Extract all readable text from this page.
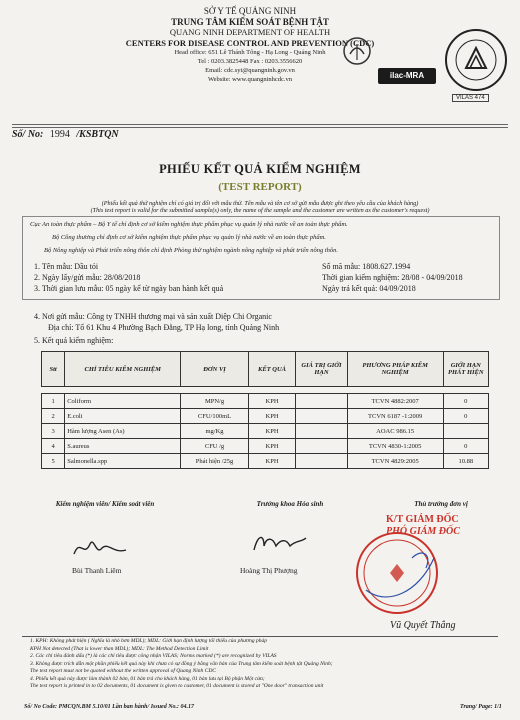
SỞ Y TẾ QUẢNG NINH
TRUNG TÂM KIỂM SOÁT BỆNH TẬT
QUANG NINH DEPARTMENT OF HEALTH
CENTERS FOR DISEASE CONTROL AND PREVENTION (CDC)
Head office: 651 Lê Thánh Tông - Hạ Long - Quảng Ninh
Tel : 0203.3825448 Fax : 0203.3556620
Email: cdc.syt@quangninh.gov.vn
Website: www.quangninhcdc.vn	ilac-MRA
VILAS 474
Số/ No: 1994 /KSBTQN
PHIẾU KẾT QUẢ KIỂM NGHIỆM
(TEST REPORT)
(Phiếu kết quả thử nghiệm chỉ có giá trị đối với mẫu thử. Tên mẫu và tên cơ sở gửi mẫu được ghi theo yêu cầu của khách hàng)
(This test report is valid for the submitted sample(s) only, the name of the sample and the customer are written as the customer's request)
Cục An toàn thực phẩm – Bộ Y tế chỉ định cơ sở kiểm nghiệm thực phẩm phục vụ quản lý nhà nước về an toàn thực phẩm.
Bộ Công thương chỉ định cơ sở kiểm nghiệm thực phẩm phục vụ quản lý nhà nước về an toàn thực phẩm.
Bộ Nông nghiệp và Phát triển nông thôn chỉ định Phòng thử nghiệm ngành nông nghiệp và phát triển nông thôn.
1. Tên mẫu: Dầu tỏi
2. Ngày lấy/gửi mẫu: 28/08/2018
3. Thời gian lưu mẫu: 05 ngày kể từ ngày ban hành kết quả
Số mã mẫu: 1808.627.1994
Thời gian kiểm nghiệm: 28/08 - 04/09/2018
Ngày trả kết quả: 04/09/2018
4. Nơi gửi mẫu: Công ty TNHH thương mại và sản xuất Diệp Chi Organic
Địa chỉ: Tổ 61 Khu 4 Phường Bạch Đằng, TP Hạ long, tỉnh Quảng Ninh
5. Kết quả kiểm nghiệm:
Stt	CHỈ TIÊU KIỂM NGHIỆM	ĐƠN VỊ	KẾT QUẢ	GIÁ TRỊ GIỚI HẠN	PHƯƠNG PHÁP KIỂM NGHIỆM	GIỚI HẠN PHÁT HIỆN

1	Coliform	MPN/g	KPH		TCVN 4882:2007	0
2	E.coli	CFU/100mL	KPH		TCVN 6187 -1:2009	0
3	Hàm lượng Asen (As)	mg/Kg	KPH		AOAC 986.15	
4	S.aureus	CFU /g	KPH		TCVN 4830-1:2005	0
5	Salmonella.spp	Phát hiện /25g	KPH		TCVN 4829:2005	10.88
Kiểm nghiệm viên/ Kiểm soát viên
Bùi Thanh Liêm
Trưởng khoa Hóa sinh
Hoàng Thị Phượng
Thủ trưởng đơn vị
K/T GIÁM ĐỐC
PHÓ GIÁM ĐỐC
Vũ Quyết Thắng
1. KPH: Không phát hiện ( Nghĩa là nhỏ hơn MDL); MDL: Giới hạn định lượng tối thiểu của phương pháp
KPH Not detected (That is lower than MDL); MDL: The Method Detection Limit
2. Các chỉ tiêu đánh dấu (*) là các chỉ tiêu được công nhận VILAS; Norms marked (*) are recognized by VILAS
3. Không được trích dẫn một phần phiếu kết quả này khi chưa có sự đồng ý bằng văn bản của Trung tâm kiểm soát bệnh tật Quảng Ninh;
The test report must not be quoted without the written approval of Quang Ninh CDC
4. Phiếu kết quả này được làm thành 02 bản, 01 bản trả cho khách hàng, 01 bản lưu tại Bộ phận Một cửa;
The test report is printed in to 02 documents, 01 document is given to customer, 01 document is stored at "One door" transaction unit
Số/ No Code: PMCQN.BM 5.10/01 Lần ban hành/ Issued No.: 04.17	Trang/ Page: 1/1
